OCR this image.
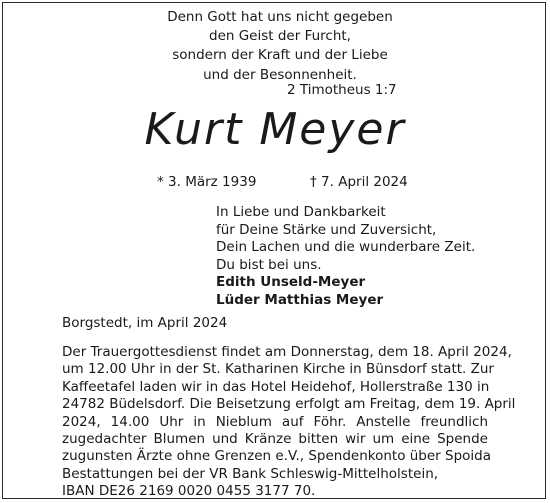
Denn Gott hat uns nicht gegeben
den Geist der Furcht,
sondern der Kraft und der Liebe
und der Besonnenheit.
2 Timotheus 1:7
Kurt Meyer
* 3. März 1939	† 7. April 2024
In Liebe und Dankbarkeit
für Deine Stärke und Zuversicht,
Dein Lachen und die wunderbare Zeit.
Du bist bei uns.
Edith Unseld-Meyer
Lüder Matthias Meyer
Borgstedt, im April 2024
Der Trauergottesdienst findet am Donnerstag, dem 18. April 2024,
um 12.00 Uhr in der St. Katharinen Kirche in Bünsdorf statt. Zur
Kaffeetafel laden wir in das Hotel Heidehof, Hollerstraße 130 in
24782 Büdelsdorf. Die Beisetzung erfolgt am Freitag, dem 19. April
2024, 14.00 Uhr in Nieblum auf Föhr. Anstelle freundlich
zugedachter Blumen und Kränze bitten wir um eine Spende
zugunsten Ärzte ohne Grenzen e.V., Spendenkonto über Spoida
Bestattungen bei der VR Bank Schleswig-Mittelholstein,
IBAN DE26 2169 0020 0455 3177 70.
